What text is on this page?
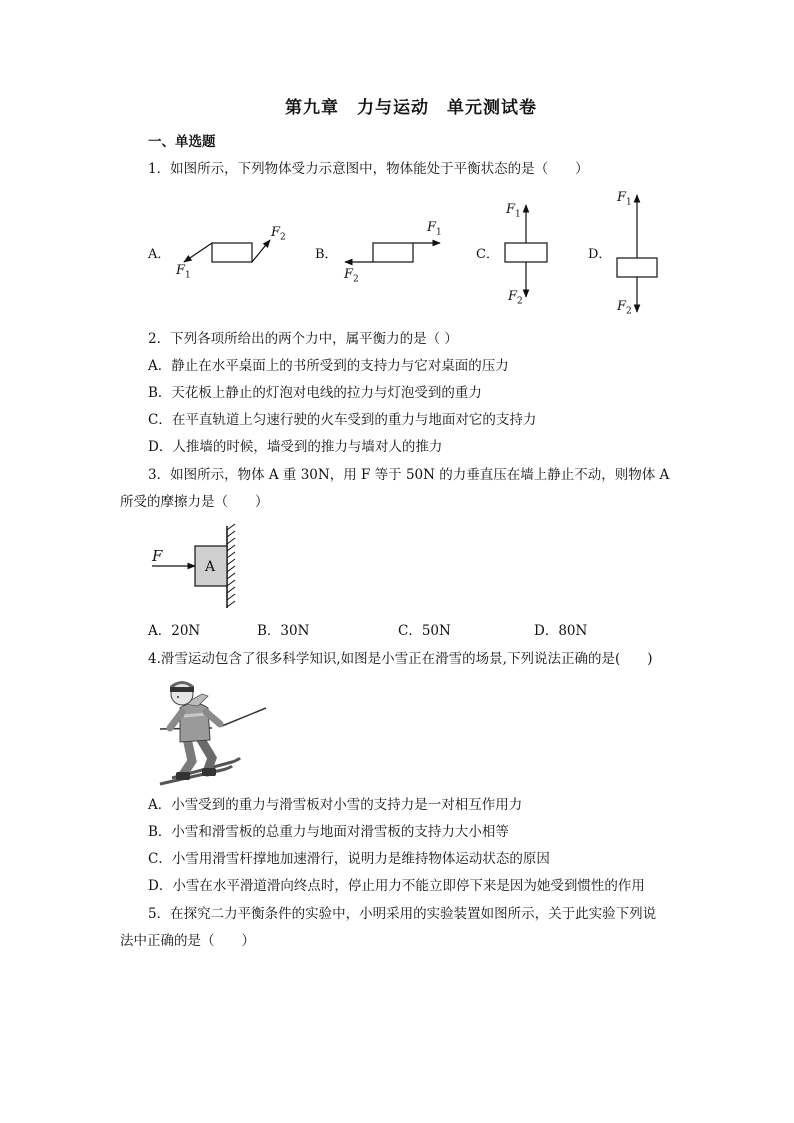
第九章　力与运动　单元测试卷
一、单选题
1．如图所示，下列物体受力示意图中，物体能处于平衡状态的是（　　）
A．	B．	C．	D．
$F_1$
$F_2$
$F_1$
$F_2$
$F_1$
$F_2$
$F_1$
$F_2$
2．下列各项所给出的两个力中，属平衡力的是（ ）
A．静止在水平桌面上的书所受到的支持力与它对桌面的压力
B．天花板上静止的灯泡对电线的拉力与灯泡受到的重力
C．在平直轨道上匀速行驶的火车受到的重力与地面对它的支持力
D．人推墙的时候，墙受到的推力与墙对人的推力
3．如图所示，物体 A 重 30N，用 F 等于 50N 的力垂直压在墙上静止不动，则物体 A
所受的摩擦力是（　　）
F
A
A．20N	B．30N	C．50N	D．80N
4.滑雪运动包含了很多科学知识,如图是小雪正在滑雪的场景,下列说法正确的是(　　)
A．小雪受到的重力与滑雪板对小雪的支持力是一对相互作用力
B．小雪和滑雪板的总重力与地面对滑雪板的支持力大小相等
C．小雪用滑雪杆撑地加速滑行，说明力是维持物体运动状态的原因
D．小雪在水平滑道滑向终点时，停止用力不能立即停下来是因为她受到惯性的作用
5．在探究二力平衡条件的实验中，小明采用的实验装置如图所示，关于此实验下列说
法中正确的是（　　）
